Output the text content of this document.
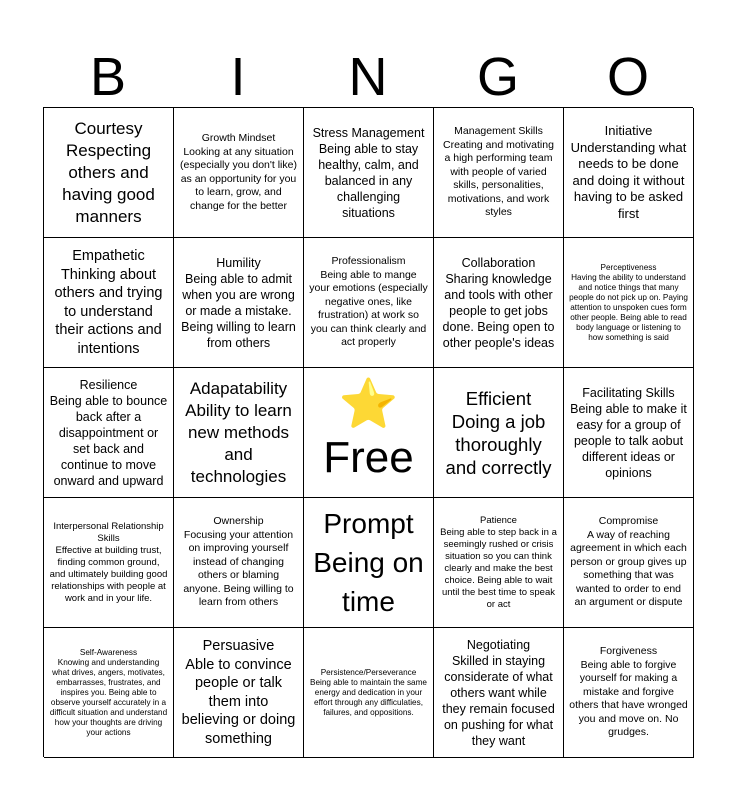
B	I	N	G	O
Courtesy
Respecting others and having good manners
Growth Mindset
Looking at any situation (especially you don't like) as an opportunity for you to learn, grow, and change for the better
Stress Management
Being able to stay healthy, calm, and balanced in any challenging situations
Management Skills
Creating and motivating a high performing team with people of varied skills, personalities, motivations, and work styles
Initiative
Understanding what needs to be done and doing it without having to be asked first
Empathetic
Thinking about others and trying to understand their actions and intentions
Humility
Being able to admit when you are wrong or made a mistake. Being willing to learn from others
Professionalism
Being able to mange your emotions (especially negative ones, like frustration) at work so you can think clearly and act properly
Collaboration
Sharing knowledge and tools with other people to get jobs done. Being open to other people's ideas
Perceptiveness
Having the ability to understand and notice things that many people do not pick up on. Paying attention to unspoken cues form other people. Being able to read body language or listening to how something is said
Resilience
Being able to bounce back after a disappointment or set back and continue to move onward and upward
Adapatability
Ability to learn new methods and technologies
⭐
Free
Efficient
Doing a job thoroughly and correctly
Facilitating Skills
Being able to make it easy for a group of people to talk aobut different ideas or opinions
Interpersonal Relationship Skills
Effective at building trust, finding common ground, and ultimately building good relationships with people at work and in your life.
Ownership
Focusing your attention on improving yourself instead of changing others or blaming anyone. Being willing to learn from others
Prompt
Being on time
Patience
Being able to step back in a seemingly rushed or crisis situation so you can think clearly and make the best choice. Being able to wait until the best time to speak or act
Compromise
A way of reaching agreement in which each person or group gives up something that was wanted to order to end an argument or dispute
Self-Awareness
Knowing and understanding what drives, angers, motivates, embarrasses, frustrates, and inspires you. Being able to observe yourself accurately in a difficult situation and understand how your thoughts are driving your actions
Persuasive
Able to convince people or talk them into believing or doing something
Persistence/Perseverance
Being able to maintain the same energy and dedication in your effort through any difficulaties, failures, and oppositions.
Negotiating
Skilled in staying considerate of what others want while they remain focused on pushing for what they want
Forgiveness
Being able to forgive yourself for making a mistake and forgive others that have wronged you and move on. No grudges.
